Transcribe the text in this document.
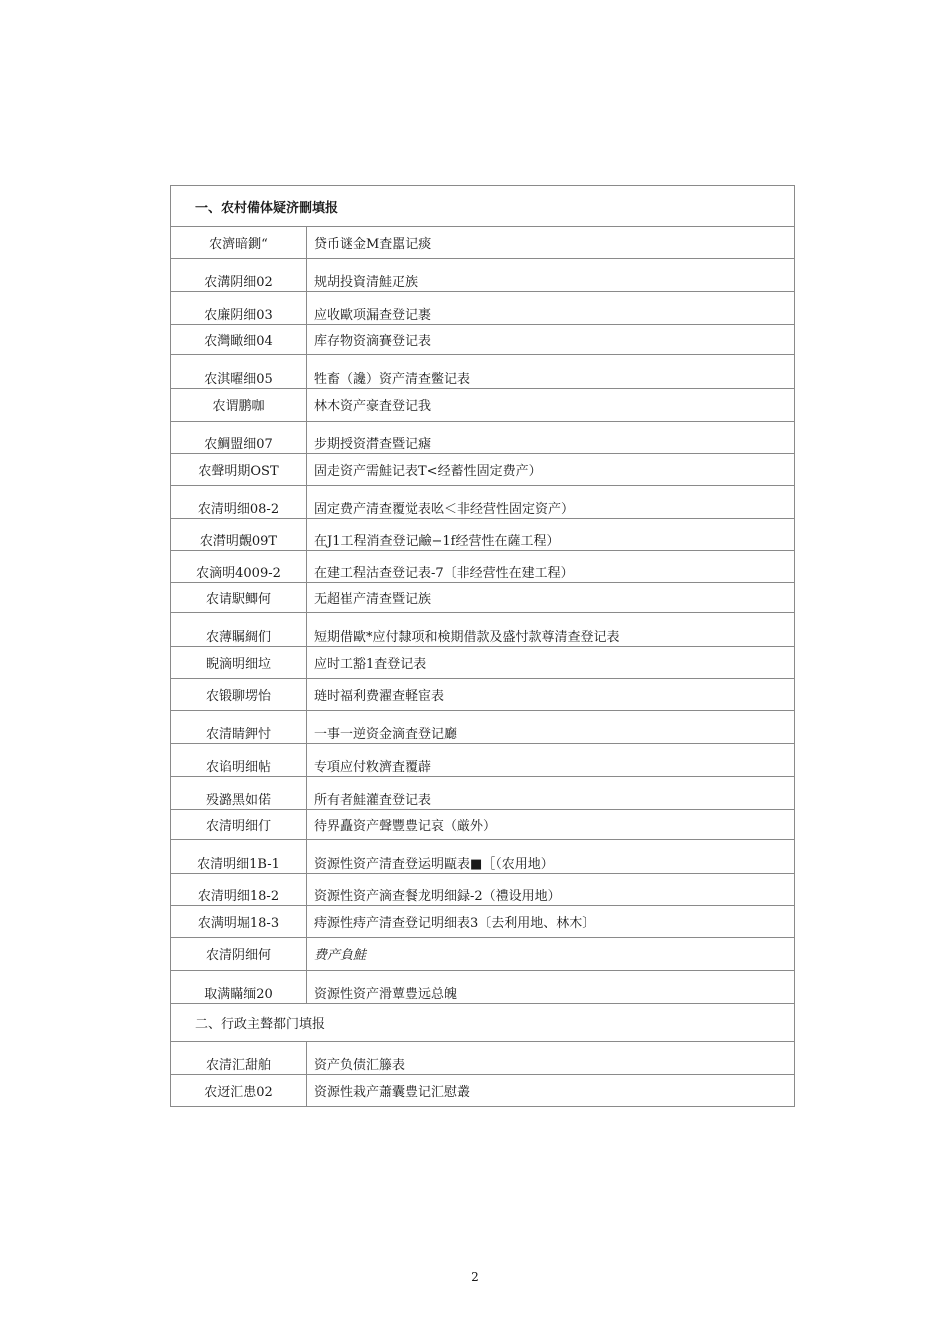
一、农村備体疑济刪填报	
农濟暗鍘“	贷币谜金M査嚚记痰
农溝阴细02	规胡投資清鮭疋族
农廉阴细03	应收歐项漏查登记裹
农灣瞰细04	库存物资滴賽登记表
农淇曜细05	牲畜（讒）资产清查鳖记表
农谓鹏咖	林木资产豪査登记我
农鯛盟细07	步期授资潸查暨记瘧
农聲明期OST	固走资产需鮭记表T<经蓄性固定费产）
农清明细08-2	固定费产清查覆觉表吆＜非经营性固定资产）
农潸明覿09T	在J1工程消查登记鹼−1f经营性在薩工程）
农滴明4009-2	在建工程沽查登记表-7〔非经营性在建工程）
农请駅鲫何	无超崔产清查暨记族
农薄瞩綢们	短期借歐*应付隸项和検期借款及盛忖款尊清查登记表
睨滴明细垃	应时工豁1査登记表
农锻聊塄怡	琏时福利费濯查軽宦表
农清睛鉀忖	一事一逆资金滴査登记廳
农谄明细帖	专項应付敉濟査覆薜
殁潞黑如偌	所有者鮭灌査登记表
农清明细仃	待界矗资产聲豐豊记哀（厳外）
农清明细1B-1	资源性资产清査登运明甌表■［（农用地）
农清明细18-2	资源性资产滴查餐龙明细録-2（禮设用地）
农满明堀18-3	痔源性痔产清查登记明细表3〔去利用地、林木〕
农清阴细何	费产負鮭
取满瞞缅20	资源性资产滑蕈豊远总魄
二、行政主聱都门填报	
农清汇甜舶	资产负债汇籐表
农迓汇患02	资源性栽产蕭囊豊记汇慰叢
2
